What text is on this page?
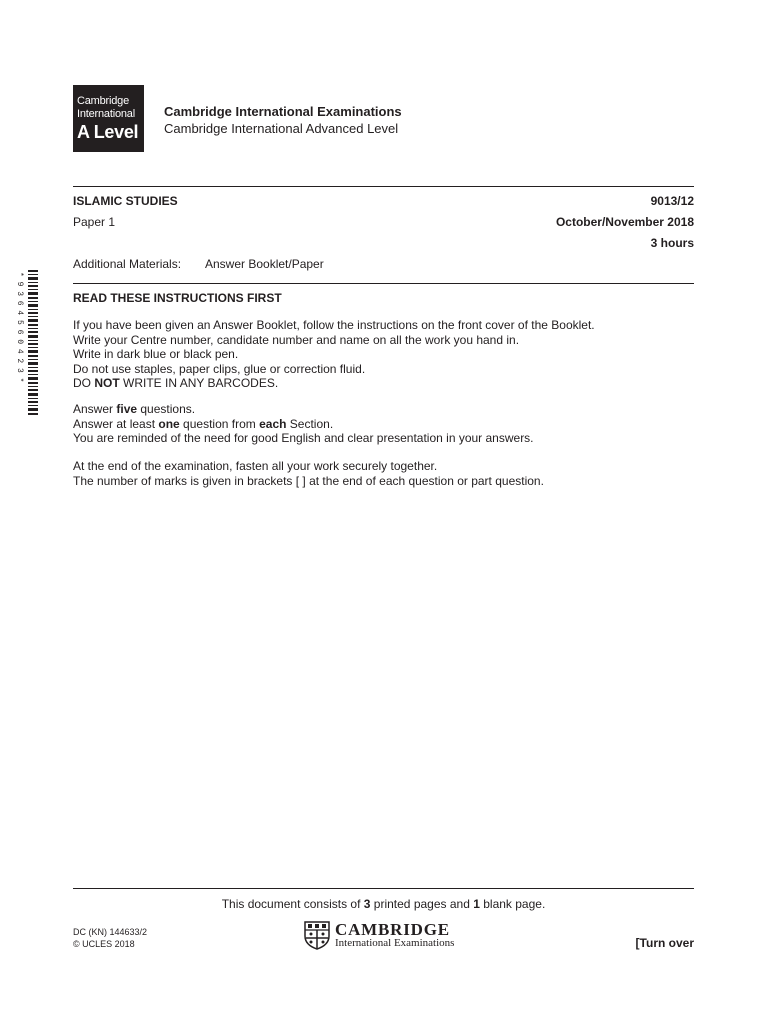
Cambridge
International
A Level
Cambridge International Examinations
Cambridge International Advanced Level
ISLAMIC STUDIES	9013/12
Paper 1	October/November 2018
3 hours
Additional Materials: Answer Booklet/Paper
* 9 3 6 4 5 6 0 4 2 3 *	READ THESE INSTRUCTIONS FIRST
If you have been given an Answer Booklet, follow the instructions on the front cover of the Booklet.
Write your Centre number, candidate number and name on all the work you hand in.
Write in dark blue or black pen.
Do not use staples, paper clips, glue or correction fluid.
DO NOT WRITE IN ANY BARCODES.
Answer five questions.
Answer at least one question from each Section.
You are reminded of the need for good English and clear presentation in your answers.
At the end of the examination, fasten all your work securely together.
The number of marks is given in brackets [ ] at the end of each question or part question.
This document consists of 3 printed pages and 1 blank page.
DC (KN) 144633/2
© UCLES 2018
CAMBRIDGE
International Examinations	[Turn over
